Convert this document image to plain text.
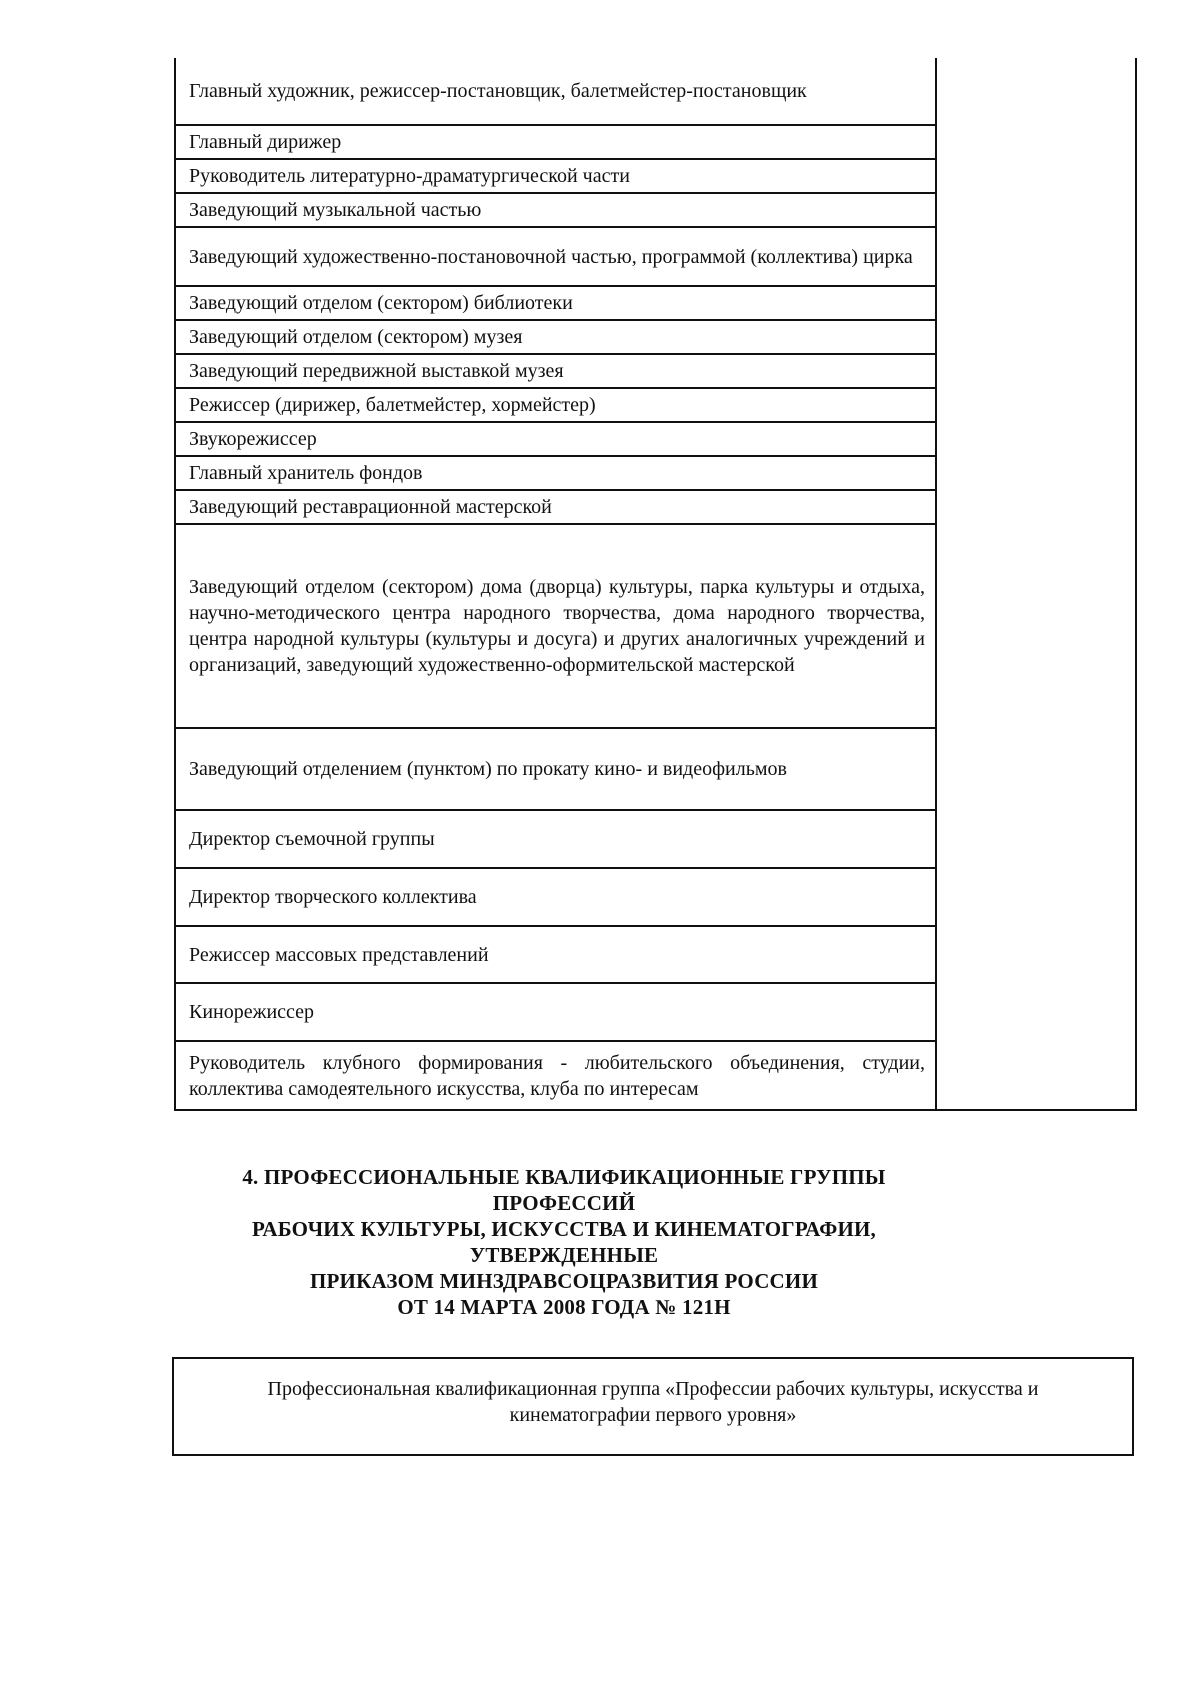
Главный художник, режиссер-постановщик, балетмейстер-постановщик
Главный дирижер
Руководитель литературно-драматургической части
Заведующий музыкальной частью
Заведующий художественно-постановочной частью, программой (коллектива) цирка
Заведующий отделом (сектором) библиотеки
Заведующий отделом (сектором) музея
Заведующий передвижной выставкой музея
Режиссер (дирижер, балетмейстер, хормейстер)
Звукорежиссер
Главный хранитель фондов
Заведующий реставрационной мастерской
Заведующий отделом (сектором) дома (дворца) культуры, парка культуры и отдыха, научно-методического центра народного творчества, дома народного творчества, центра народной культуры (культуры и досуга) и других аналогичных учреждений и организаций, заведующий художественно-оформительской мастерской
Заведующий отделением (пунктом) по прокату кино- и видеофильмов
Директор съемочной группы
Директор творческого коллектива
Режиссер массовых представлений
Кинорежиссер
Руководитель клубного формирования - любительского объединения, студии, коллектива самодеятельного искусства, клуба по интересам
4. ПРОФЕССИОНАЛЬНЫЕ КВАЛИФИКАЦИОННЫЕ ГРУППЫ
ПРОФЕССИЙ
РАБОЧИХ КУЛЬТУРЫ, ИСКУССТВА И КИНЕМАТОГРАФИИ,
УТВЕРЖДЕННЫЕ
ПРИКАЗОМ МИНЗДРАВСОЦРАЗВИТИЯ РОССИИ
ОТ 14 МАРТА 2008 ГОДА № 121Н
Профессиональная квалификационная группа «Профессии рабочих культуры, искусства и кинематографии первого уровня»
